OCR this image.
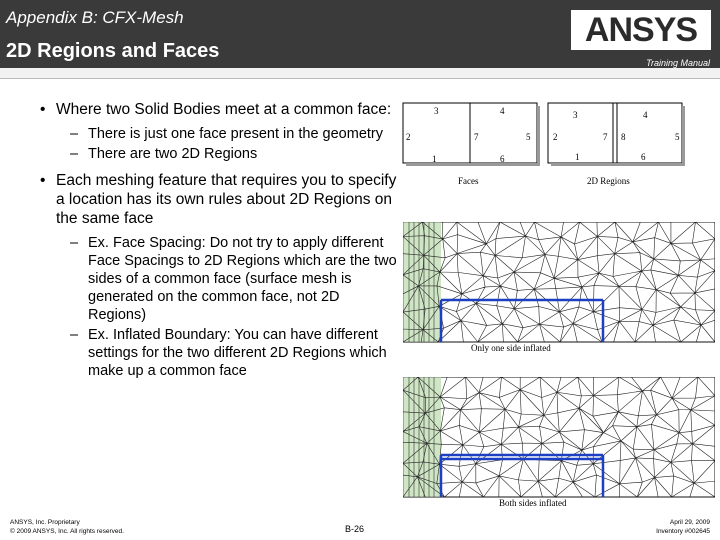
Appendix B: CFX-Mesh
2D Regions and Faces
ANSYS
Training Manual
• Where two Solid Bodies meet at a common face:
– There is just one face present in the geometry
– There are two 2D Regions
• Each meshing feature that requires you to specify a location has its own rules about 2D Regions on the same face
– Ex. Face Spacing: Do not try to apply different Face Spacings to 2D Regions which are the two sides of a common face (surface mesh is generated on the common face, not 2D Regions)
– Ex. Inflated Boundary: You can have different settings for the two different 2D Regions which make up a common face
3	4
2	7	5
1	6
Faces
3	4
2	7 8	5
1	6
2D Regions
Only one side inflated
Both sides inflated
ANSYS, Inc. Proprietary
© 2009 ANSYS, Inc. All rights reserved.	B-26
April 29, 2009
Inventory #002645
